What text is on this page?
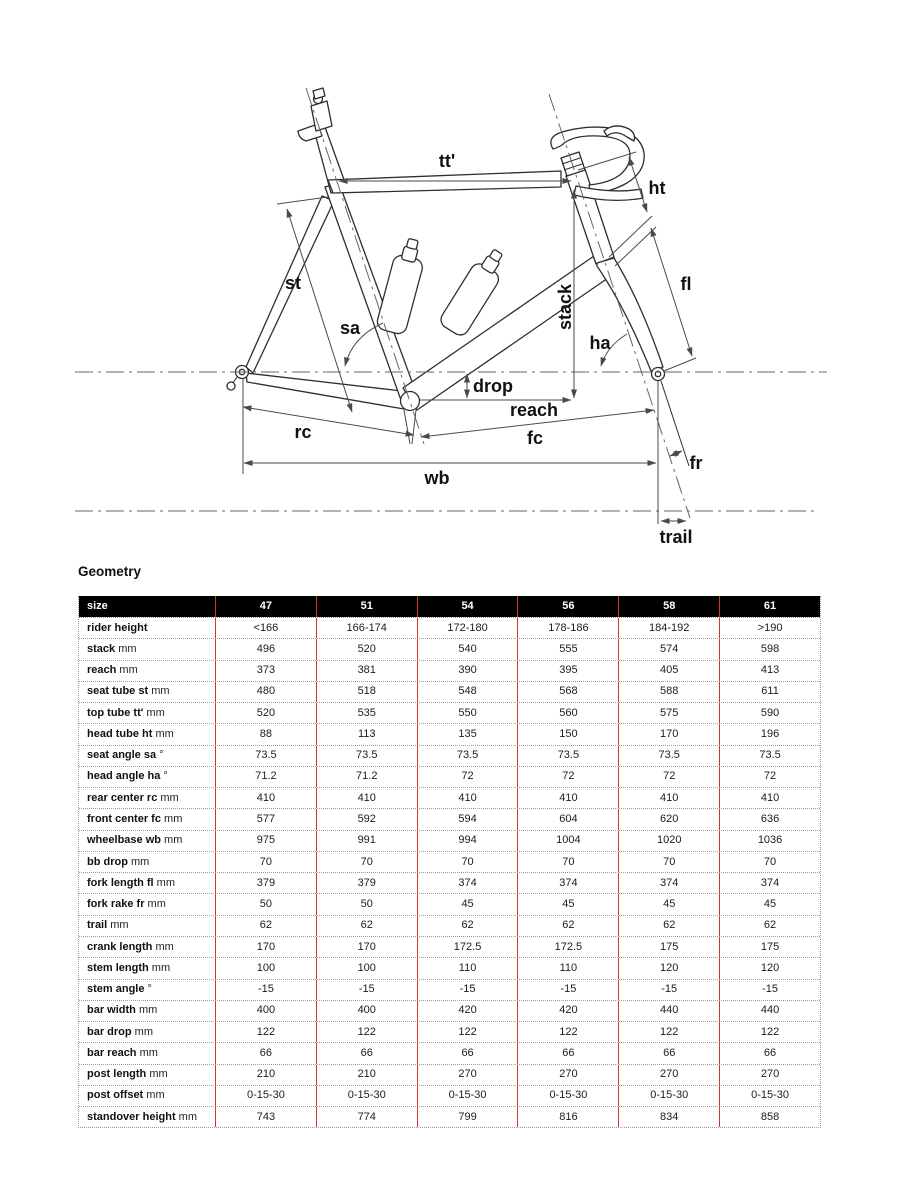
tt'
ht
st
sa	stack
ha
fl
drop
reach
rc	fc
wb
fr
trail
Geometry
size	47	51	54	56	58	61
rider height	<166	166-174	172-180	178-186	184-192	>190
stack mm	496	520	540	555	574	598
reach mm	373	381	390	395	405	413
seat tube st mm	480	518	548	568	588	611
top tube tt' mm	520	535	550	560	575	590
head tube ht mm	88	113	135	150	170	196
seat angle sa °	73.5	73.5	73.5	73.5	73.5	73.5
head angle ha °	71.2	71.2	72	72	72	72
rear center rc mm	410	410	410	410	410	410
front center fc mm	577	592	594	604	620	636
wheelbase wb mm	975	991	994	1004	1020	1036
bb drop mm	70	70	70	70	70	70
fork length fl mm	379	379	374	374	374	374
fork rake fr mm	50	50	45	45	45	45
trail mm	62	62	62	62	62	62
crank length mm	170	170	172.5	172.5	175	175
stem length mm	100	100	110	110	120	120
stem angle °	-15	-15	-15	-15	-15	-15
bar width mm	400	400	420	420	440	440
bar drop mm	122	122	122	122	122	122
bar reach mm	66	66	66	66	66	66
post length mm	210	210	270	270	270	270
post offset mm	0-15-30	0-15-30	0-15-30	0-15-30	0-15-30	0-15-30
standover height mm	743	774	799	816	834	858
